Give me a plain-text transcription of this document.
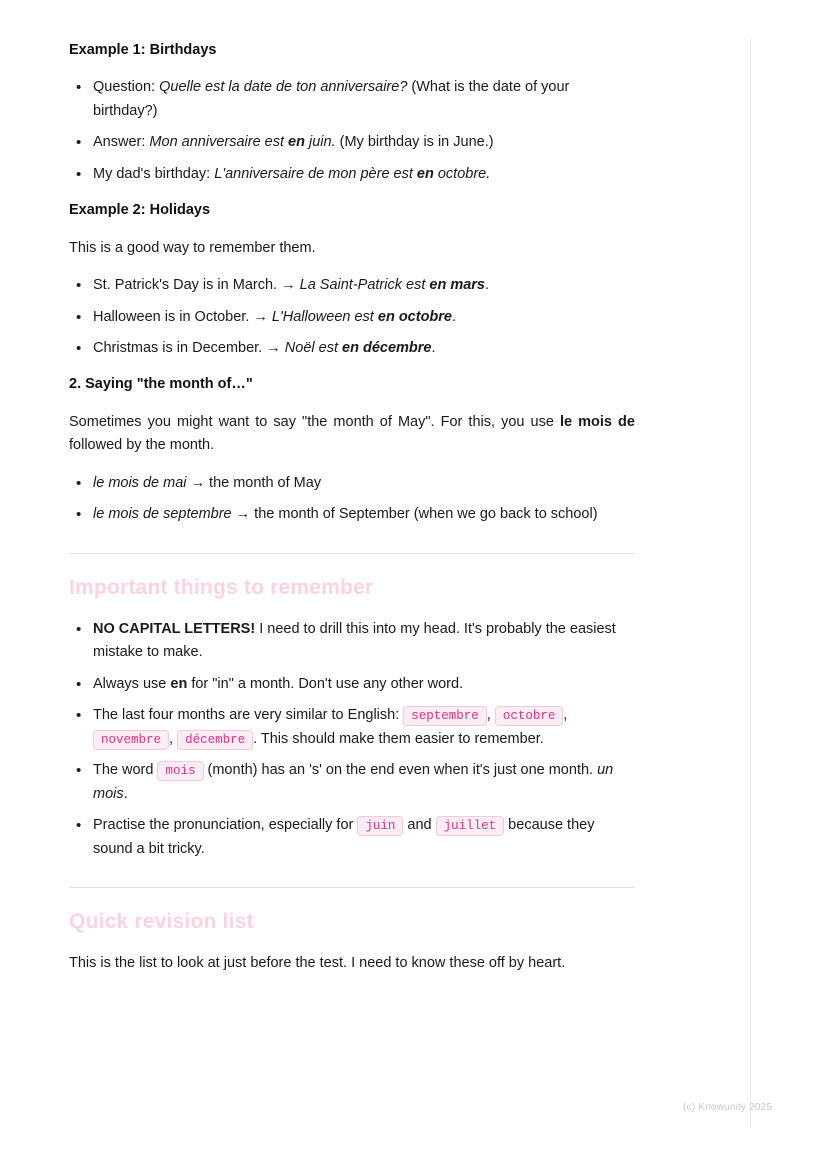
Example 1: Birthdays
• Question: Quelle est la date de ton anniversaire? (What is the date of your birthday?)
• Answer: Mon anniversaire est en juin. (My birthday is in June.)
• My dad's birthday: L'anniversaire de mon père est en octobre.
Example 2: Holidays

This is a good way to remember them.

• St. Patrick's Day is in March. → La Saint-Patrick est en mars.
• Halloween is in October. → L'Halloween est en octobre.
• Christmas is in December. → Noël est en décembre.
2. Saying "the month of…"

Sometimes you might want to say "the month of May". For this, you use le mois de followed by the month.

• le mois de mai → the month of May
• le mois de septembre → the month of September (when we go back to school)
Important things to remember
• NO CAPITAL LETTERS! I need to drill this into my head. It's probably the easiest mistake to make.
• Always use en for "in" a month. Don't use any other word.
• The last four months are very similar to English: septembre , octobre , novembre , décembre . This should make them easier to remember.
• The word mois (month) has an 's' on the end even when it's just one month. un mois.
• Practise the pronunciation, especially for juin and juillet because they sound a bit tricky.
Quick revision list

This is the list to look at just before the test. I need to know these off by heart.

(c) Knowunity 2025
